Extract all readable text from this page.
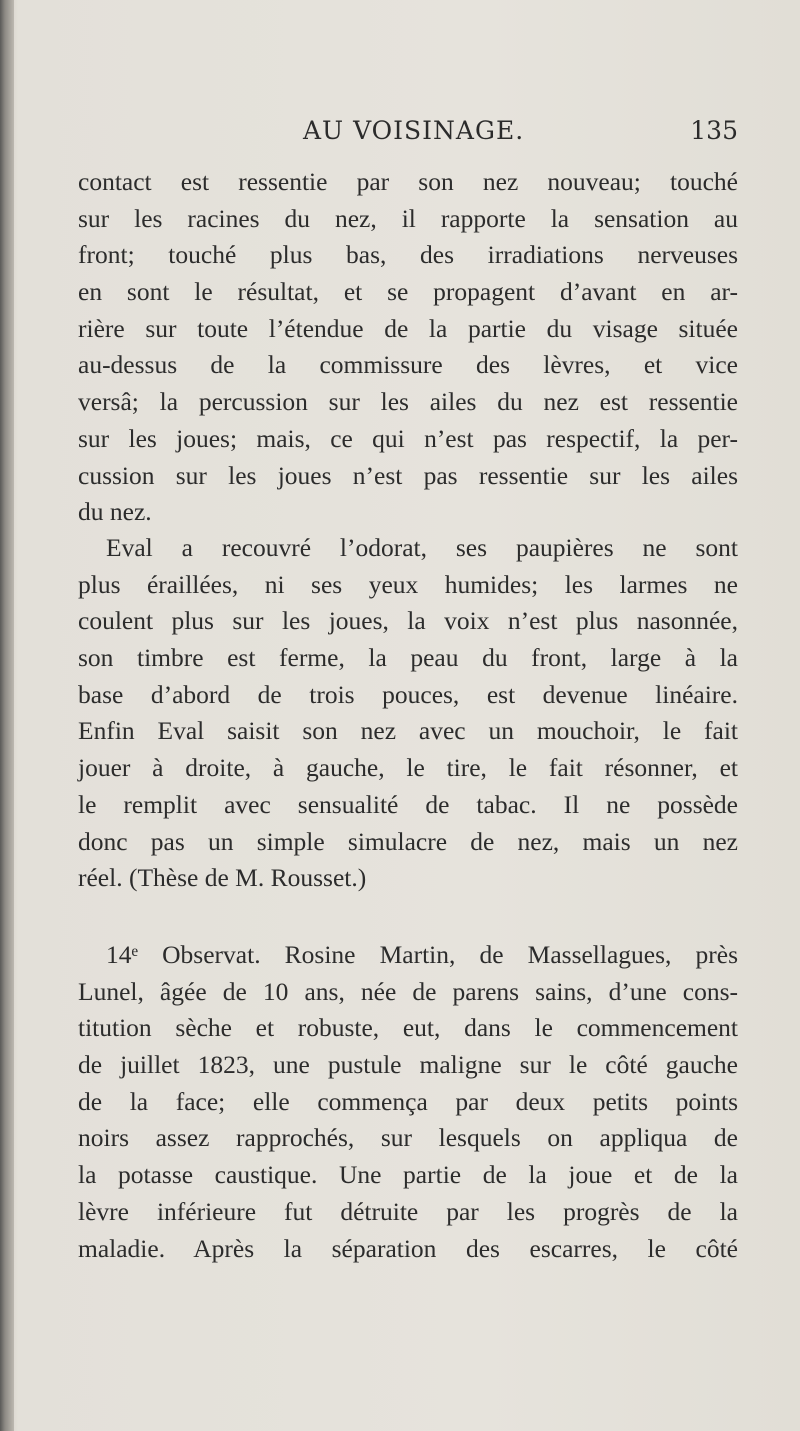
AU VOISINAGE.	135
contact est ressentie par son nez nouveau; touché
sur les racines du nez, il rapporte la sensation au
front; touché plus bas, des irradiations nerveuses
en sont le résultat, et se propagent d’avant en ar-
rière sur toute l’étendue de la partie du visage située
au-dessus de la commissure des lèvres, et vice
versâ; la percussion sur les ailes du nez est ressentie
sur les joues; mais, ce qui n’est pas respectif, la per-
cussion sur les joues n’est pas ressentie sur les ailes
du nez.
Eval a recouvré l’odorat, ses paupières ne sont
plus éraillées, ni ses yeux humides; les larmes ne
coulent plus sur les joues, la voix n’est plus nasonnée,
son timbre est ferme, la peau du front, large à la
base d’abord de trois pouces, est devenue linéaire.
Enfin Eval saisit son nez avec un mouchoir, le fait
jouer à droite, à gauche, le tire, le fait résonner, et
le remplit avec sensualité de tabac. Il ne possède
donc pas un simple simulacre de nez, mais un nez
réel. (Thèse de M. Rousset.)
14ᵉ Observat. Rosine Martin, de Massellagues, près
Lunel, âgée de 10 ans, née de parens sains, d’une cons-
titution sèche et robuste, eut, dans le commencement
de juillet 1823, une pustule maligne sur le côté gauche
de la face; elle commença par deux petits points
noirs assez rapprochés, sur lesquels on appliqua de
la potasse caustique. Une partie de la joue et de la
lèvre inférieure fut détruite par les progrès de la
maladie. Après la séparation des escarres, le côté
